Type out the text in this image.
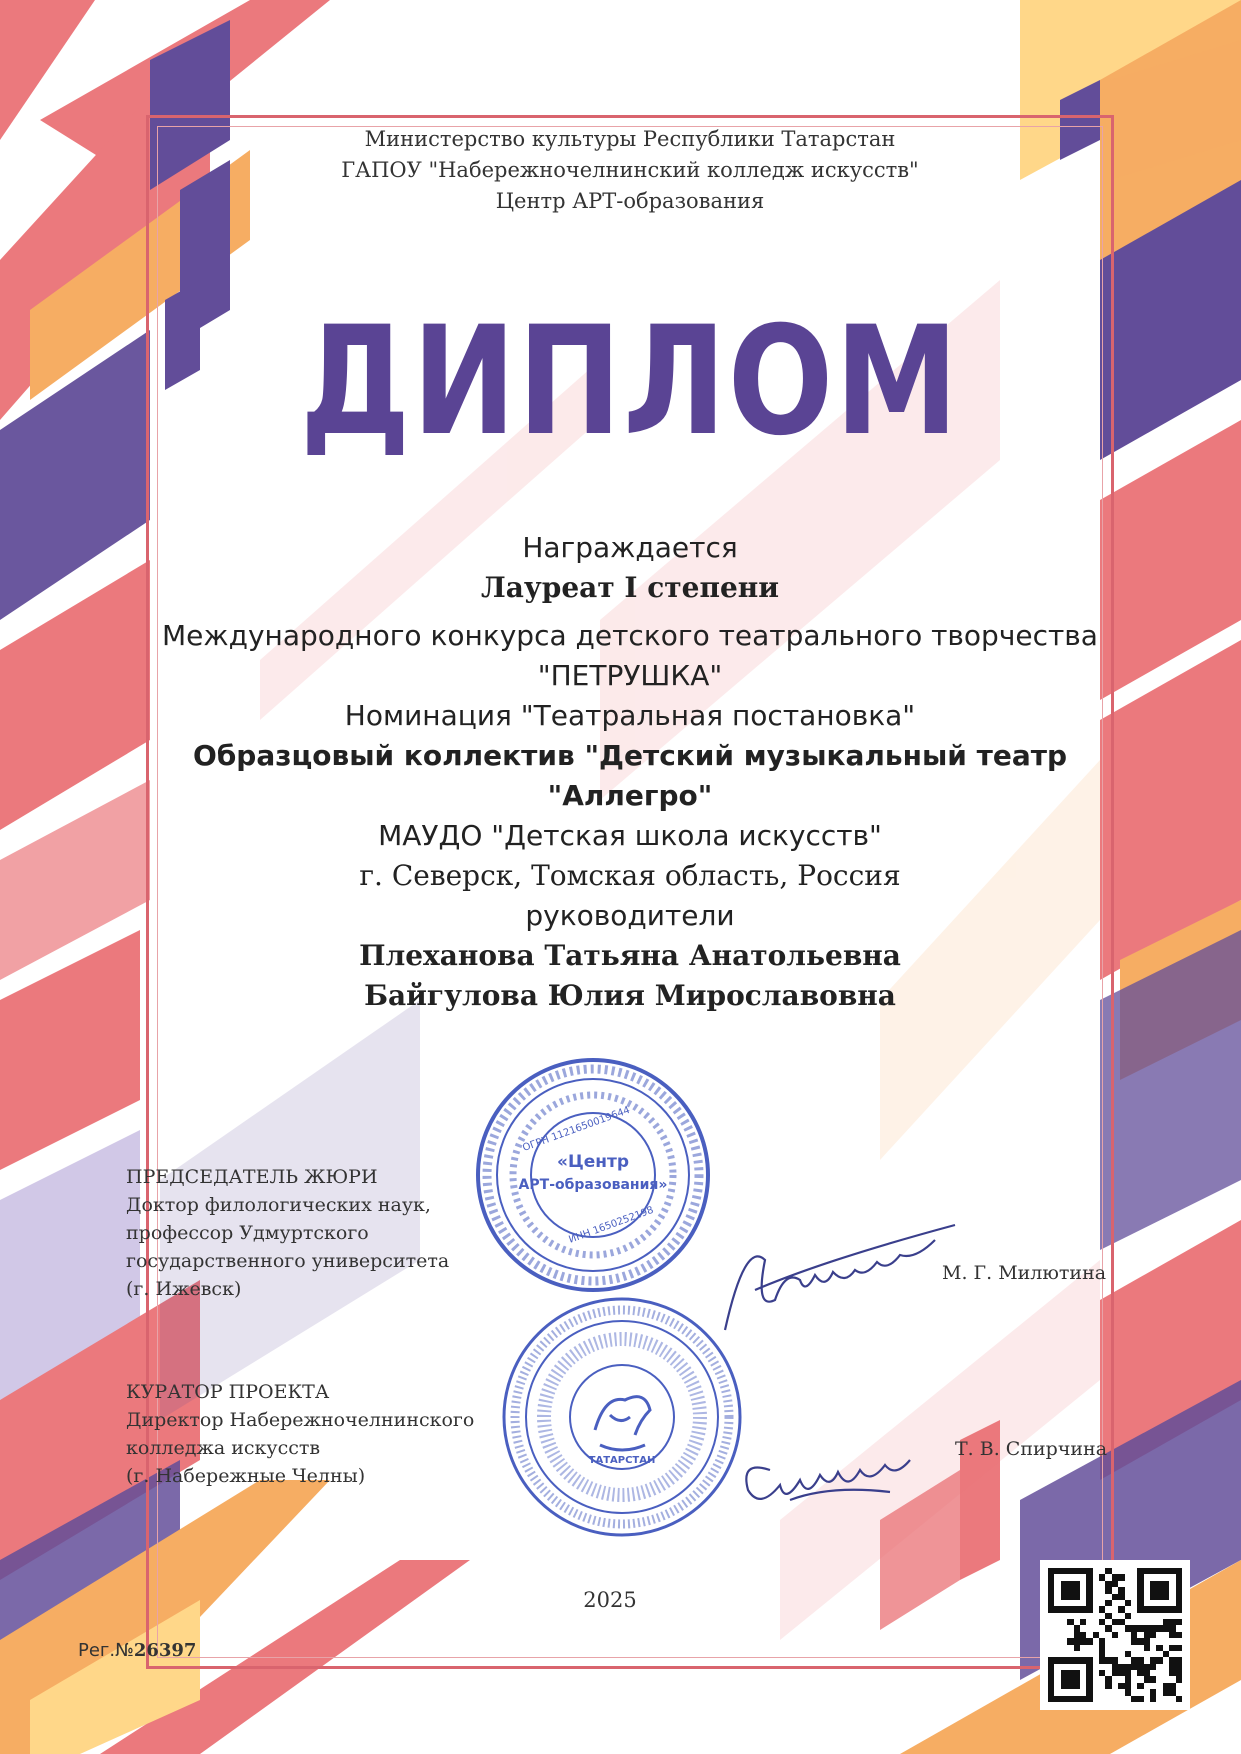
Министерство культуры Республики Татарстан
ГАПОУ "Набережночелнинский колледж искусств"
Центр АРТ-образования
ДИПЛОМ
Награждается
Лауреат I степени
Международного конкурса детского театрального творчества
"ПЕТРУШКА"
Номинация "Театральная постановка"
Образцовый коллектив "Детский музыкальный театр
"Аллегро"
МАУДО "Детская школа искусств"
г. Северск, Томская область, Россия
руководители
Плеханова Татьяна Анатольевна
Байгулова Юлия Мирославовна
«Центр
АРТ-образования»
ОГРН 1121650019644
ИНН 1650252198
ТАТАРСТАН
ПРЕДСЕДАТЕЛЬ ЖЮРИ
Доктор филологических наук,
профессор Удмуртского
государственного университета
(г. Ижевск)
М. Г. Милютина
КУРАТОР ПРОЕКТА
Директор Набережночелнинского
колледжа искусств
(г. Набережные Челны)
Т. В. Спирчина
2025
Рег.№26397
